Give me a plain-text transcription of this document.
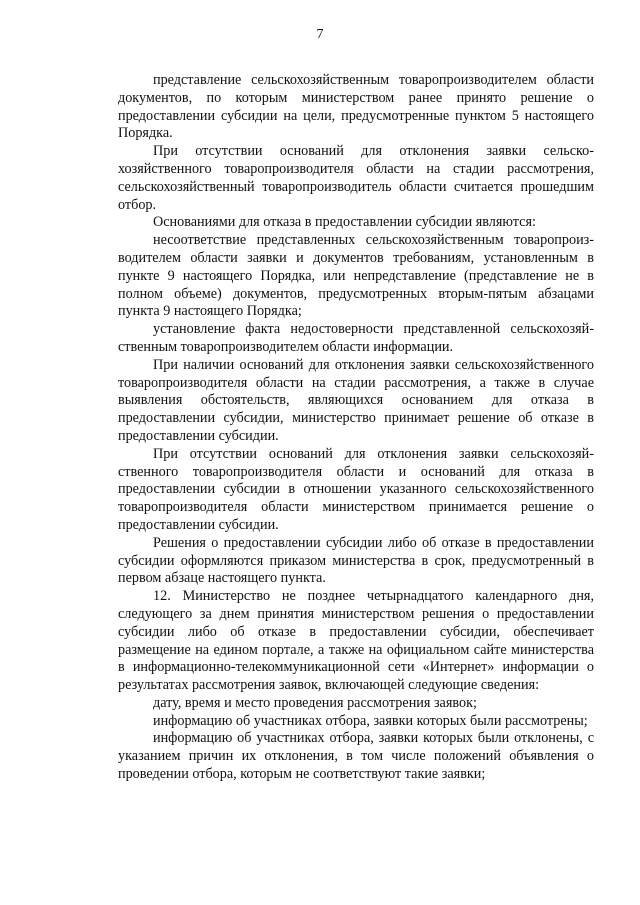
7

представление сельскохозяйственным товаропроизводителем области документов, по которым министерством ранее принято решение о предоставлении субсидии на цели, предусмотренные пунктом 5 настоящего Порядка.

При отсутствии оснований для отклонения заявки сельско-хозяйственного товаропроизводителя области на стадии рассмотрения, сельскохозяйственный товаропроизводитель области считается прошедшим отбор.

Основаниями для отказа в предоставлении субсидии являются:

несоответствие представленных сельскохозяйственным товаропроиз-водителем области заявки и документов требованиям, установленным в пункте 9 настоящего Порядка, или непредставление (представление не в полном объеме) документов, предусмотренных вторым-пятым абзацами пункта 9 настоящего Порядка;

установление факта недостоверности представленной сельскохозяй-ственным товаропроизводителем области информации.

При наличии оснований для отклонения заявки сельскохозяйственного товаропроизводителя области на стадии рассмотрения, а также в случае выявления обстоятельств, являющихся основанием для отказа в предоставлении субсидии, министерство принимает решение об отказе в предоставлении субсидии.

При отсутствии оснований для отклонения заявки сельскохозяй-ственного товаропроизводителя области и оснований для отказа в предоставлении субсидии в отношении указанного сельскохозяйственного товаропроизводителя области министерством принимается решение о предоставлении субсидии.

Решения о предоставлении субсидии либо об отказе в предоставлении субсидии оформляются приказом министерства в срок, предусмотренный в первом абзаце настоящего пункта.

12. Министерство не позднее четырнадцатого календарного дня, следующего за днем принятия министерством решения о предоставлении субсидии либо об отказе в предоставлении субсидии, обеспечивает размещение на едином портале, а также на официальном сайте министерства в информационно-телекоммуникационной сети «Интернет» информации о результатах рассмотрения заявок, включающей следующие сведения:

дату, время и место проведения рассмотрения заявок;

информацию об участниках отбора, заявки которых были рассмотрены;

информацию об участниках отбора, заявки которых были отклонены, с указанием причин их отклонения, в том числе положений объявления о проведении отбора, которым не соответствуют такие заявки;
